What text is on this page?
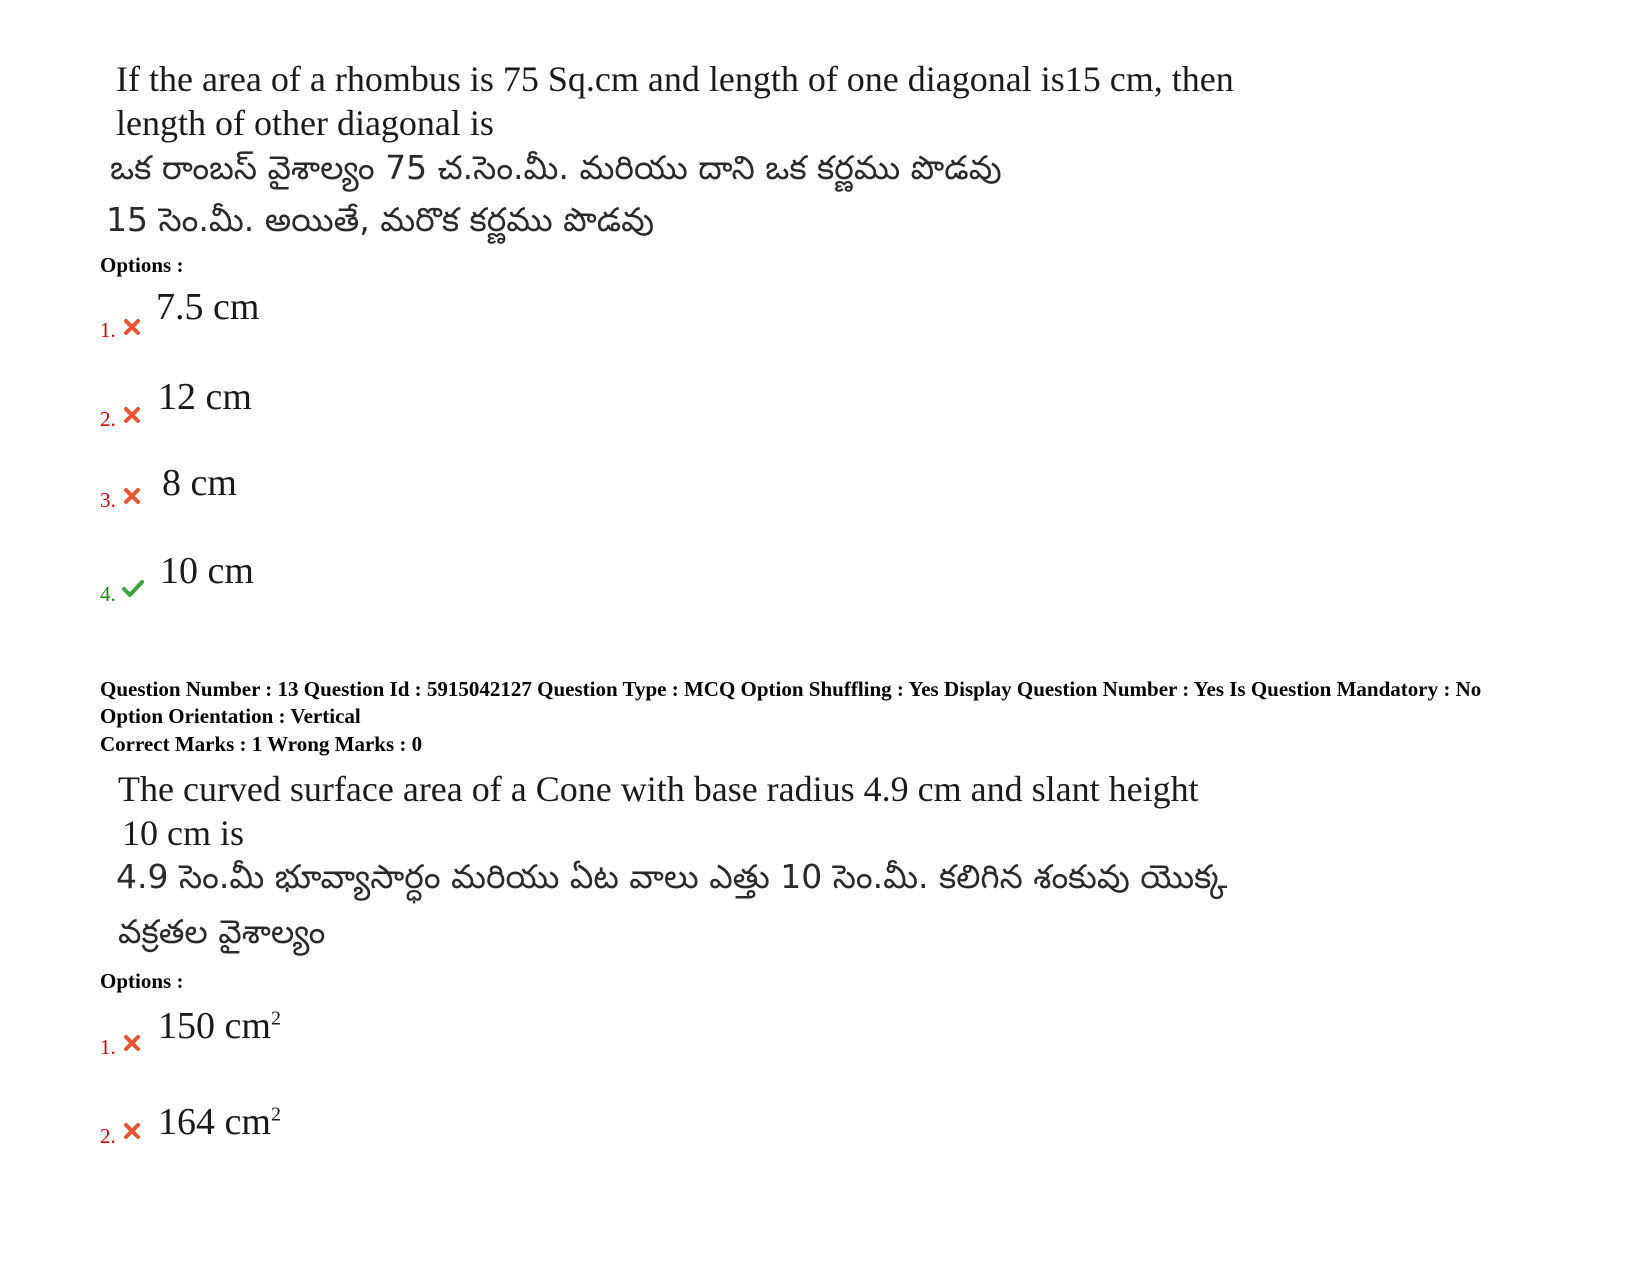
If the area of a rhombus is 75 Sq.cm and length of one diagonal is15 cm, then
length of other diagonal is
ఒక రాంబస్ వైశాల్యం 75 చ.సెం.మీ. మరియు దాని ఒక కర్ణము పొడవు
15 సెం.మీ. అయితే, మరొక కర్ణము పొడవు
Options :
7.5 cm
1.
12 cm
2.
8 cm
3.
10 cm
4.
Question Number : 13 Question Id : 5915042127 Question Type : MCQ Option Shuffling : Yes Display Question Number : Yes Is Question Mandatory : No Option Orientation : Vertical
Correct Marks : 1 Wrong Marks : 0
The curved surface area of a Cone with base radius 4.9 cm and slant height
10 cm is
4.9 సెం.మీ భూవ్యాసార్ధం మరియు ఏట వాలు ఎత్తు 10 సెం.మీ. కలిగిన శంకువు యొక్క
వక్రతల వైశాల్యం
Options :
150 $cm^2$
1.
164 $cm^2$
2.
